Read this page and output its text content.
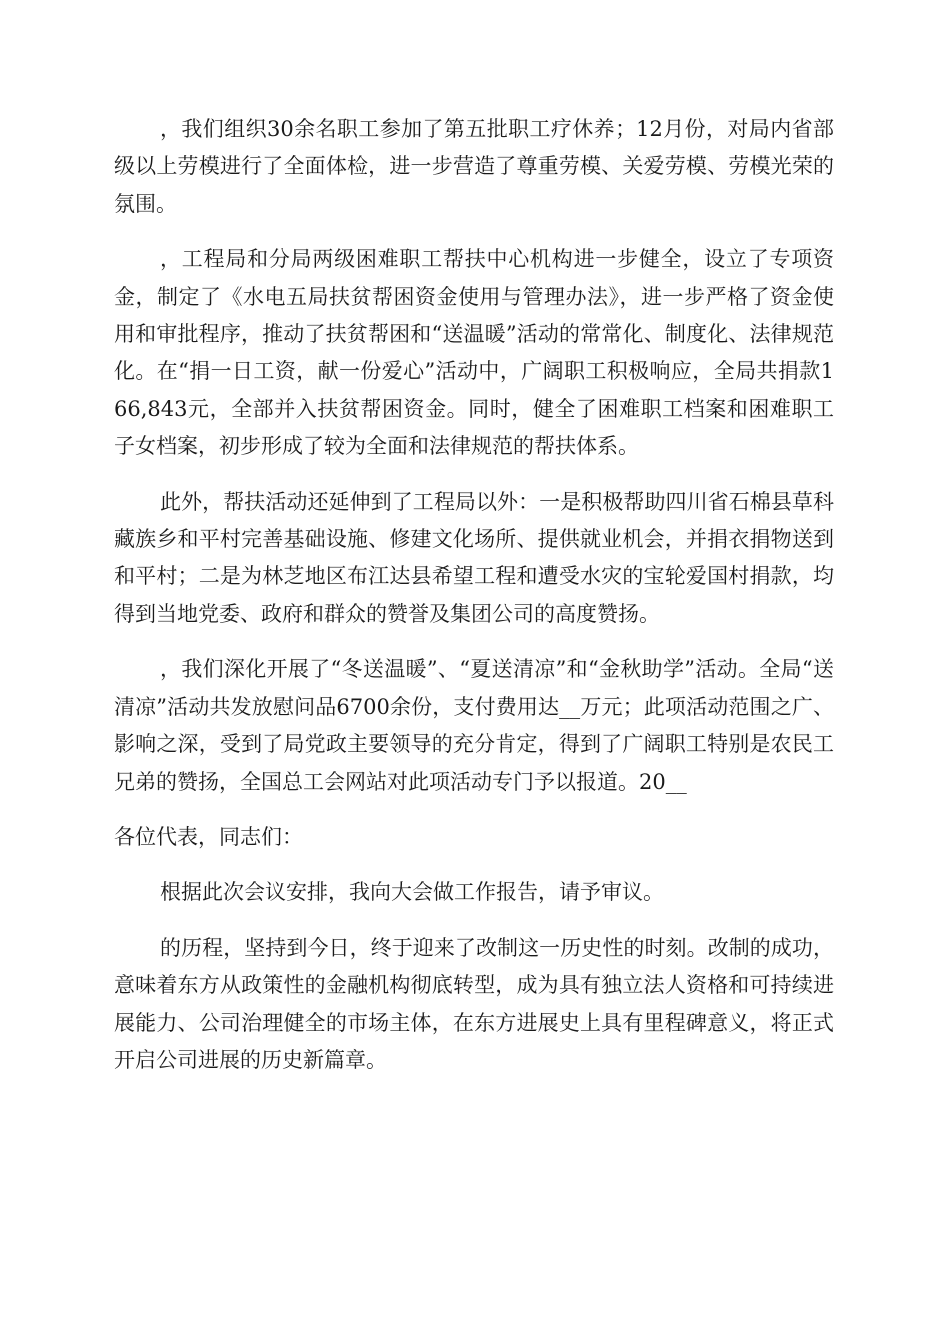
，我们组织30余名职工参加了第五批职工疗休养；12月份，对局内省部级以上劳模进行了全面体检，进一步营造了尊重劳模、关爱劳模、劳模光荣的氛围。

，工程局和分局两级困难职工帮扶中心机构进一步健全，设立了专项资金，制定了《水电五局扶贫帮困资金使用与管理办法》，进一步严格了资金使用和审批程序，推动了扶贫帮困和“送温暖”活动的常常化、制度化、法律规范化。在“捐一日工资，献一份爱心”活动中，广阔职工积极响应，全局共捐款166,843元，全部并入扶贫帮困资金。同时，健全了困难职工档案和困难职工子女档案，初步形成了较为全面和法律规范的帮扶体系。

此外，帮扶活动还延伸到了工程局以外：一是积极帮助四川省石棉县草科藏族乡和平村完善基础设施、修建文化场所、提供就业机会，并捐衣捐物送到和平村；二是为林芝地区布江达县希望工程和遭受水灾的宝轮爱国村捐款，均得到当地党委、政府和群众的赞誉及集团公司的高度赞扬。

，我们深化开展了“冬送温暖”、“夏送清凉”和“金秋助学”活动。全局“送清凉”活动共发放慰问品6700余份，支付费用达__万元；此项活动范围之广、影响之深，受到了局党政主要领导的充分肯定，得到了广阔职工特别是农民工兄弟的赞扬，全国总工会网站对此项活动专门予以报道。20__

各位代表，同志们：

根据此次会议安排，我向大会做工作报告，请予审议。

的历程，坚持到今日，终于迎来了改制这一历史性的时刻。改制的成功，意味着东方从政策性的金融机构彻底转型，成为具有独立法人资格和可持续进展能力、公司治理健全的市场主体，在东方进展史上具有里程碑意义，将正式开启公司进展的历史新篇章。
